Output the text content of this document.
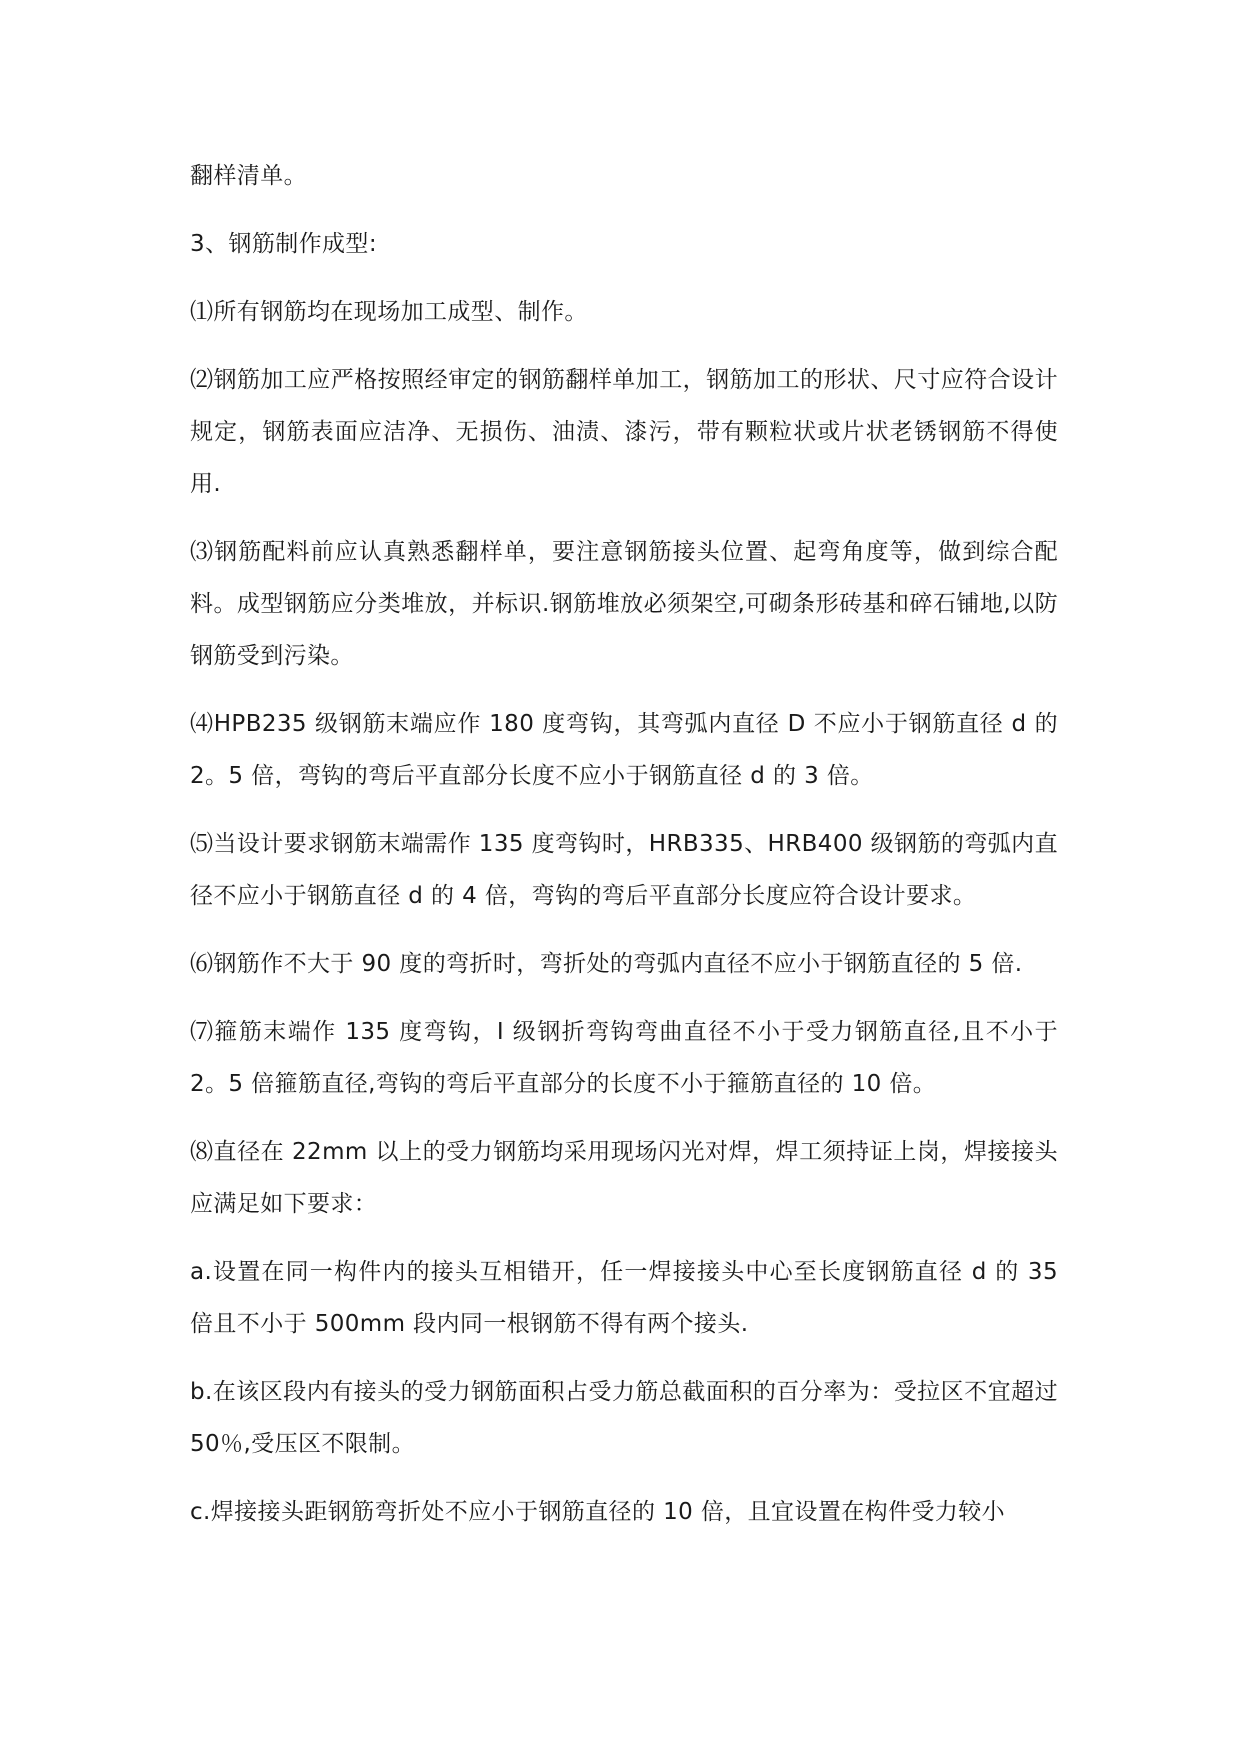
翻样清单。

3、钢筋制作成型:

⑴所有钢筋均在现场加工成型、制作。

⑵钢筋加工应严格按照经审定的钢筋翻样单加工，钢筋加工的形状、尺寸应符合设计规定，钢筋表面应洁净、无损伤、油渍、漆污，带有颗粒状或片状老锈钢筋不得使用.

⑶钢筋配料前应认真熟悉翻样单，要注意钢筋接头位置、起弯角度等，做到综合配料。成型钢筋应分类堆放，并标识.钢筋堆放必须架空,可砌条形砖基和碎石铺地,以防钢筋受到污染。

⑷HPB235 级钢筋末端应作 180 度弯钩，其弯弧内直径 D 不应小于钢筋直径 d 的 2。5 倍，弯钩的弯后平直部分长度不应小于钢筋直径 d 的 3 倍。

⑸当设计要求钢筋末端需作 135 度弯钩时，HRB335、HRB400 级钢筋的弯弧内直径不应小于钢筋直径 d 的 4 倍，弯钩的弯后平直部分长度应符合设计要求。

⑹钢筋作不大于 90 度的弯折时，弯折处的弯弧内直径不应小于钢筋直径的 5 倍.

⑺箍筋末端作 135 度弯钩，I 级钢折弯钩弯曲直径不小于受力钢筋直径,且不小于 2。5 倍箍筋直径,弯钩的弯后平直部分的长度不小于箍筋直径的 10 倍。

⑻直径在 22mm 以上的受力钢筋均采用现场闪光对焊，焊工须持证上岗，焊接接头应满足如下要求：

a.设置在同一构件内的接头互相错开，任一焊接接头中心至长度钢筋直径 d 的 35 倍且不小于 500mm 段内同一根钢筋不得有两个接头.

b.在该区段内有接头的受力钢筋面积占受力筋总截面积的百分率为：受拉区不宜超过 50％,受压区不限制。

c.焊接接头距钢筋弯折处不应小于钢筋直径的 10 倍，且宜设置在构件受力较小
